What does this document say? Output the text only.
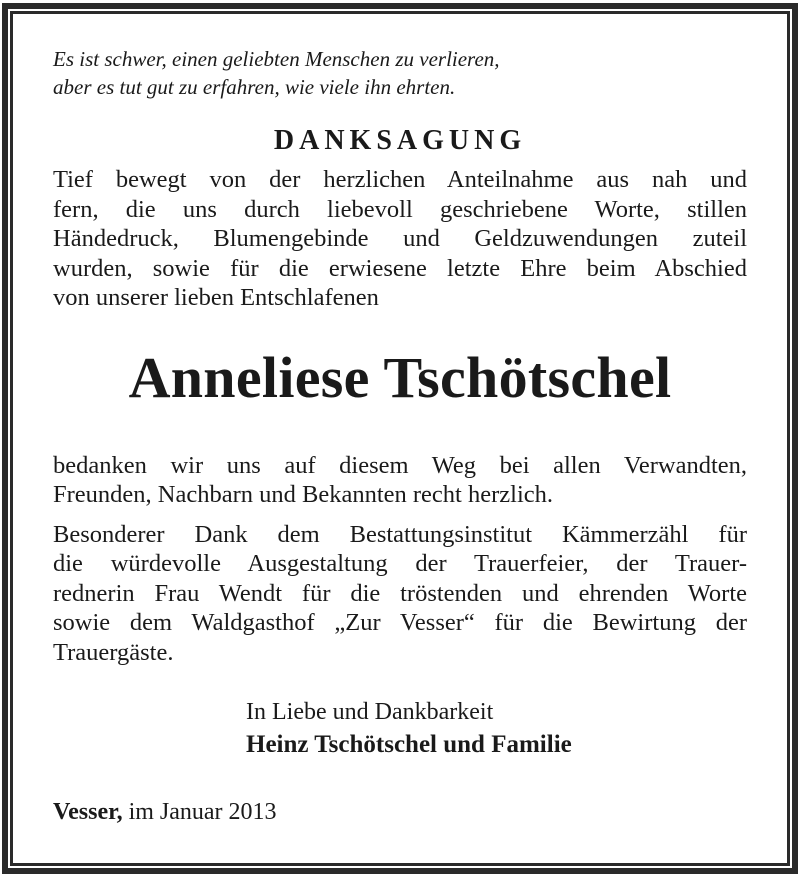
Es ist schwer, einen geliebten Menschen zu verlieren,
aber es tut gut zu erfahren, wie viele ihn ehrten.

DANKSAGUNG

Tief bewegt von der herzlichen Anteilnahme aus nah und
fern, die uns durch liebevoll geschriebene Worte, stillen
Händedruck, Blumengebinde und Geldzuwendungen zuteil
wurden, sowie für die erwiesene letzte Ehre beim Abschied
von unserer lieben Entschlafenen

Anneliese Tschötschel

bedanken wir uns auf diesem Weg bei allen Verwandten,
Freunden, Nachbarn und Bekannten recht herzlich.

Besonderer Dank dem Bestattungsinstitut Kämmerzähl für
die würdevolle Ausgestaltung der Trauerfeier, der Trauer-
rednerin Frau Wendt für die tröstenden und ehrenden Worte
sowie dem Waldgasthof „Zur Vesser“ für die Bewirtung der
Trauergäste.

In Liebe und Dankbarkeit
Heinz Tschötschel und Familie
Vesser, im Januar 2013
